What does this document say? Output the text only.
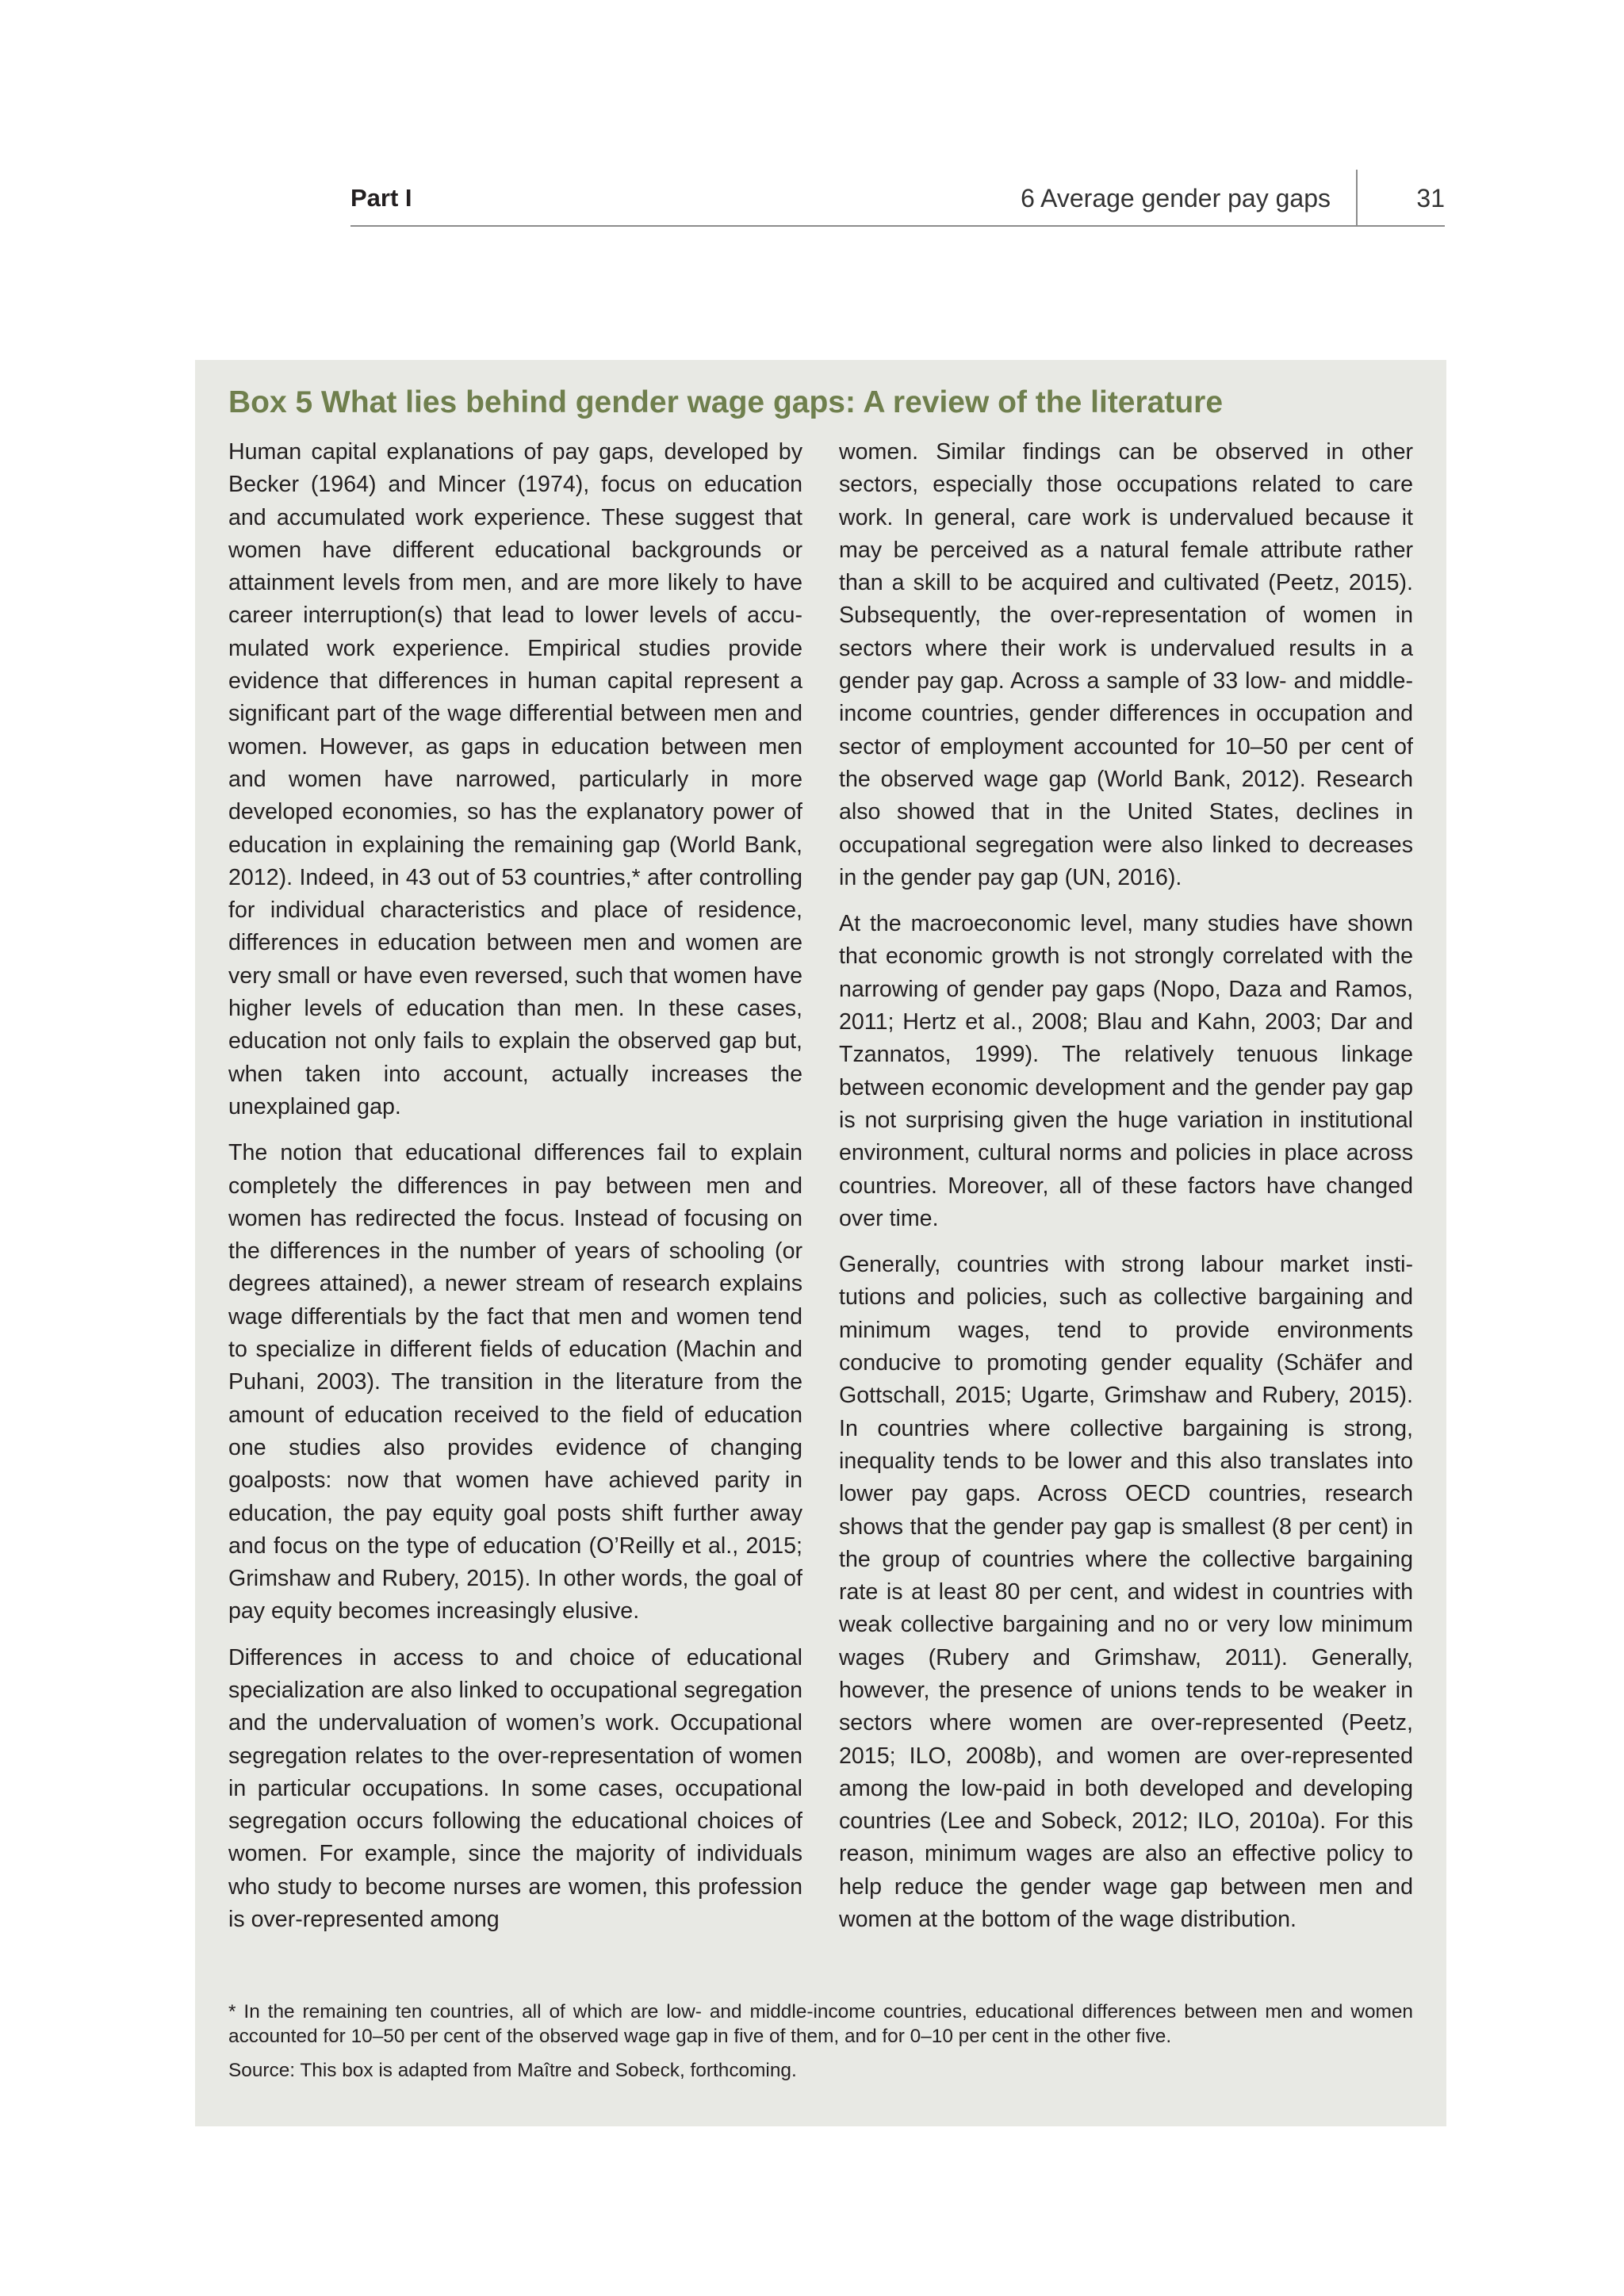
Part I	6 Average gender pay gaps	31
Box 5 What lies behind gender wage gaps: A review of the literature

Human capital explanations of pay gaps, developed by Becker (1964) and Mincer (1974), focus on education and accumulated work experience. These suggest that women have different educational backgrounds or attainment levels from men, and are more likely to have career interruption(s) that lead to lower levels of accumulated work experience. Empirical studies provide evidence that differences in human capital represent a significant part of the wage differential between men and women. However, as gaps in education between men and women have narrowed, particularly in more developed economies, so has the explanatory power of education in explaining the remaining gap (World Bank, 2012). Indeed, in 43 out of 53 countries,* after controlling for individual characteristics and place of residence, differences in education between men and women are very small or have even reversed, such that women have higher levels of education than men. In these cases, education not only fails to explain the observed gap but, when taken into account, actually increases the unexplained gap.

The notion that educational differences fail to explain completely the differences in pay between men and women has redirected the focus. Instead of focusing on the differences in the number of years of schooling (or degrees attained), a newer stream of research explains wage differentials by the fact that men and women tend to specialize in different fields of education (Machin and Puhani, 2003). The transition in the literature from the amount of education received to the field of education one studies also provides evidence of changing goalposts: now that women have achieved parity in education, the pay equity goal posts shift further away and focus on the type of education (O’Reilly et al., 2015; Grimshaw and Rubery, 2015). In other words, the goal of pay equity becomes increasingly elusive.

Differences in access to and choice of educational specialization are also linked to occupational segregation and the undervaluation of women’s work. Occupational segregation relates to the over-representation of women in particular occupations. In some cases, occupational segregation occurs following the educational choices of women. For example, since the majority of individuals who study to become nurses are women, this profession is over-represented among

women. Similar findings can be observed in other sectors, especially those occupations related to care work. In general, care work is undervalued because it may be perceived as a natural female attribute rather than a skill to be acquired and cultivated (Peetz, 2015). Subsequently, the over-representation of women in sectors where their work is undervalued results in a gender pay gap. Across a sample of 33 low- and middle-income countries, gender differences in occupation and sector of employment accounted for 10–50 per cent of the observed wage gap (World Bank, 2012). Research also showed that in the United States, declines in occupational segregation were also linked to decreases in the gender pay gap (UN, 2016).

At the macroeconomic level, many studies have shown that economic growth is not strongly correlated with the narrowing of gender pay gaps (Nopo, Daza and Ramos, 2011; Hertz et al., 2008; Blau and Kahn, 2003; Dar and Tzannatos, 1999). The relatively tenuous linkage between economic development and the gender pay gap is not surprising given the huge variation in institutional environment, cultural norms and policies in place across countries. Moreover, all of these factors have changed over time.

Generally, countries with strong labour market institutions and policies, such as collective bargaining and minimum wages, tend to provide environments conducive to promoting gender equality (Schäfer and Gottschall, 2015; Ugarte, Grimshaw and Rubery, 2015). In countries where collective bargaining is strong, inequality tends to be lower and this also translates into lower pay gaps. Across OECD countries, research shows that the gender pay gap is smallest (8 per cent) in the group of countries where the collective bargaining rate is at least 80 per cent, and widest in countries with weak collective bargaining and no or very low minimum wages (Rubery and Grimshaw, 2011). Generally, however, the presence of unions tends to be weaker in sectors where women are over-represented (Peetz, 2015; ILO, 2008b), and women are over-represented among the low-paid in both developed and developing countries (Lee and Sobeck, 2012; ILO, 2010a). For this reason, minimum wages are also an effective policy to help reduce the gender wage gap between men and women at the bottom of the wage distribution.

* In the remaining ten countries, all of which are low- and middle-income countries, educational differences between men and women accounted for 10–50 per cent of the observed wage gap in five of them, and for 0–10 per cent in the other five.
Source: This box is adapted from Maître and Sobeck, forthcoming.
